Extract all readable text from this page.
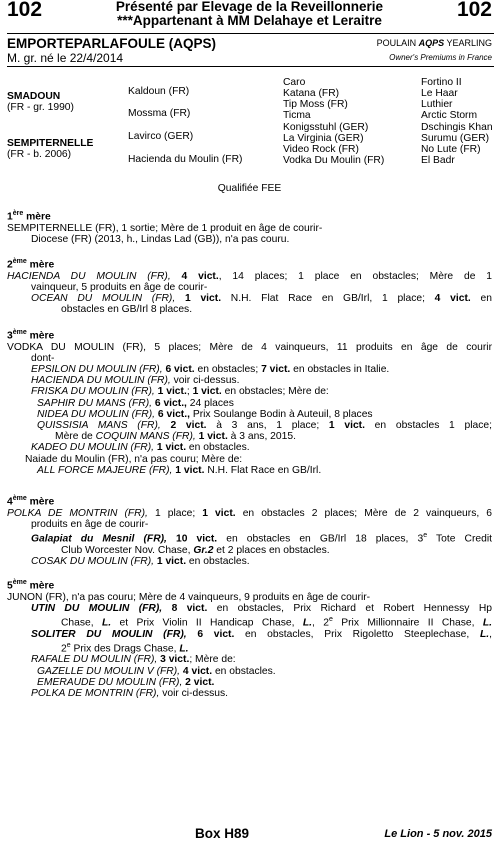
102	102
Présenté par Elevage de la Reveillonnerie
***Appartenant à MM Delahaye et Leraitre
EMPORTEPARLAFOULE (AQPS)
M. gr. né le 22/4/2014
POULAIN AQPS YEARLING
Owner's Premiums in France
SMADOUN
(FR - gr. 1990)
SEMPITERNELLE
(FR - b. 2006)
Kaldoun (FR)
Mossma (FR)
Lavirco (GER)
Hacienda du Moulin (FR)
Caro
Katana (FR)
Tip Moss (FR)
Ticma
Konigsstuhl (GER)
La Virginia (GER)
Video Rock (FR)
Vodka Du Moulin (FR)
Fortino II
Le Haar
Luthier
Arctic Storm
Dschingis Khan
Surumu (GER)
No Lute (FR)
El Badr
Qualifiée FEE
1ère mère
SEMPITERNELLE (FR), 1 sortie; Mère de 1 produit en âge de courir-
Diocese (FR) (2013, h., Lindas Lad (GB)), n'a pas couru.
2ème mère
HACIENDA DU MOULIN (FR), 4 vict., 14 places; 1 place en obstacles; Mère de 1
vainqueur, 5 produits en âge de courir-
OCEAN DU MOULIN (FR), 1 vict. N.H. Flat Race en GB/Irl, 1 place; 4 vict. en
obstacles en GB/Irl 8 places.
3ème mère
VODKA DU MOULIN (FR), 5 places; Mère de 4 vainqueurs, 11 produits en âge de courir
dont-
EPSILON DU MOULIN (FR), 6 vict. en obstacles; 7 vict. en obstacles in Italie.
HACIENDA DU MOULIN (FR), voir ci-dessus.
FRISKA DU MOULIN (FR), 1 vict.; 1 vict. en obstacles; Mère de:
SAPHIR DU MANS (FR), 6 vict., 24 places
NIDEA DU MOULIN (FR), 6 vict., Prix Soulange Bodin à Auteuil, 8 places
QUISSISIA MANS (FR), 2 vict. à 3 ans, 1 place; 1 vict. en obstacles 1 place;
Mère de COQUIN MANS (FR), 1 vict. à 3 ans, 2015.
KADEO DU MOULIN (FR), 1 vict. en obstacles.
Naiade du Moulin (FR), n'a pas couru; Mère de:
ALL FORCE MAJEURE (FR), 1 vict. N.H. Flat Race en GB/Irl.
4ème mère
POLKA DE MONTRIN (FR), 1 place; 1 vict. en obstacles 2 places; Mère de 2 vainqueurs, 6
produits en âge de courir-
Galapiat du Mesnil (FR), 10 vict. en obstacles en GB/Irl 18 places, 3e Tote Credit
Club Worcester Nov. Chase, Gr.2 et 2 places en obstacles.
COSAK DU MOULIN (FR), 1 vict. en obstacles.
5ème mère
JUNON (FR), n'a pas couru; Mère de 4 vainqueurs, 9 produits en âge de courir-
UTIN DU MOULIN (FR), 8 vict. en obstacles, Prix Richard et Robert Hennessy Hp
Chase, L. et Prix Violin II Handicap Chase, L., 2e Prix Millionnaire II Chase, L.
SOLITER DU MOULIN (FR), 6 vict. en obstacles, Prix Rigoletto Steeplechase, L.,
2e Prix des Drags Chase, L.
RAFALE DU MOULIN (FR), 3 vict.; Mère de:
GAZELLE DU MOULIN V (FR), 4 vict. en obstacles.
EMERAUDE DU MOULIN (FR), 2 vict.
POLKA DE MONTRIN (FR), voir ci-dessus.
Box H89	Le Lion - 5 nov. 2015
